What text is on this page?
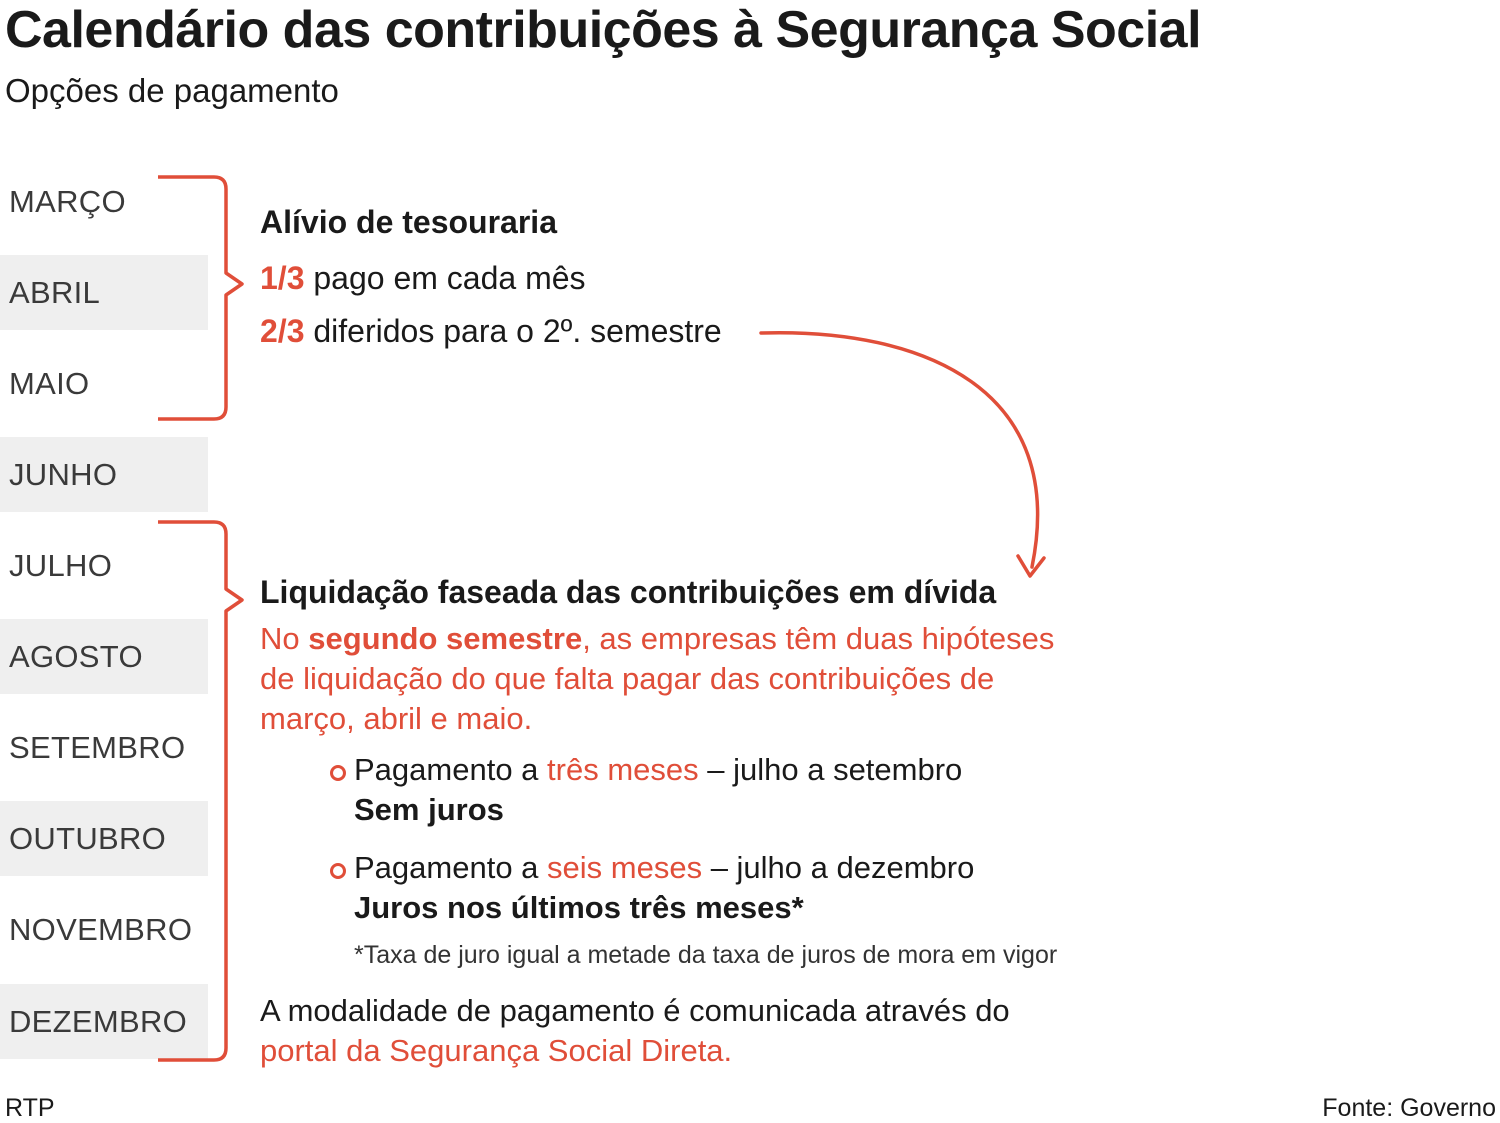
Calendário das contribuições à Segurança Social
Opções de pagamento
MARÇO
ABRIL
MAIO
JUNHO
JULHO
AGOSTO
SETEMBRO
OUTUBRO
NOVEMBRO
DEZEMBRO
Alívio de tesouraria
1/3 pago em cada mês
2/3 diferidos para o 2º. semestre
Liquidação faseada das contribuições em dívida
No segundo semestre, as empresas têm duas hipóteses
de liquidação do que falta pagar das contribuições de
março, abril e maio.
Pagamento a três meses – julho a setembro
Sem juros
Pagamento a seis meses – julho a dezembro
Juros nos últimos três meses*
*Taxa de juro igual a metade da taxa de juros de mora em vigor
A modalidade de pagamento é comunicada através do
portal da Segurança Social Direta.
RTP	Fonte: Governo
